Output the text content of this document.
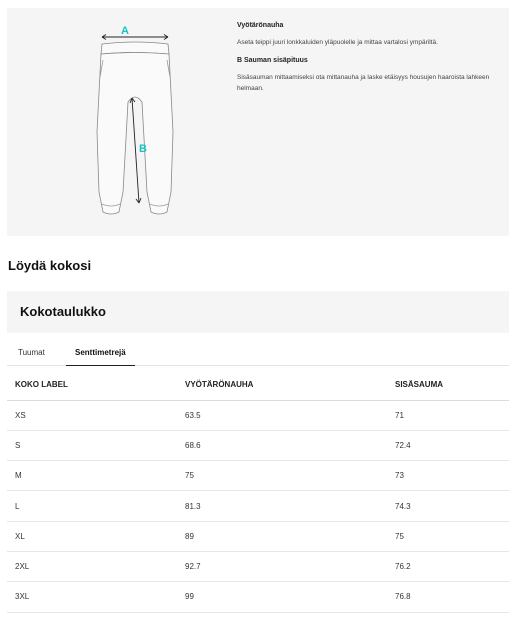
A
B
Vyötärönauha
Aseta teippi juuri lonkkaluiden yläpuolelle ja mittaa vartalosi ympäriltä.
B Sauman sisäpituus
Sisäsauman mittaamiseksi ota mittanauha ja laske etäisyys housujen haaroista lahkeen helmaan.
Löydä kokosi
Kokotaulukko
Tuumat	Senttimetrejä
KOKO LABEL	VYÖTÄRÖNAUHA	SISÄSAUMA
XS	63.5	71
S	68.6	72.4
M	75	73
L	81.3	74.3
XL	89	75
2XL	92.7	76.2
3XL	99	76.8
